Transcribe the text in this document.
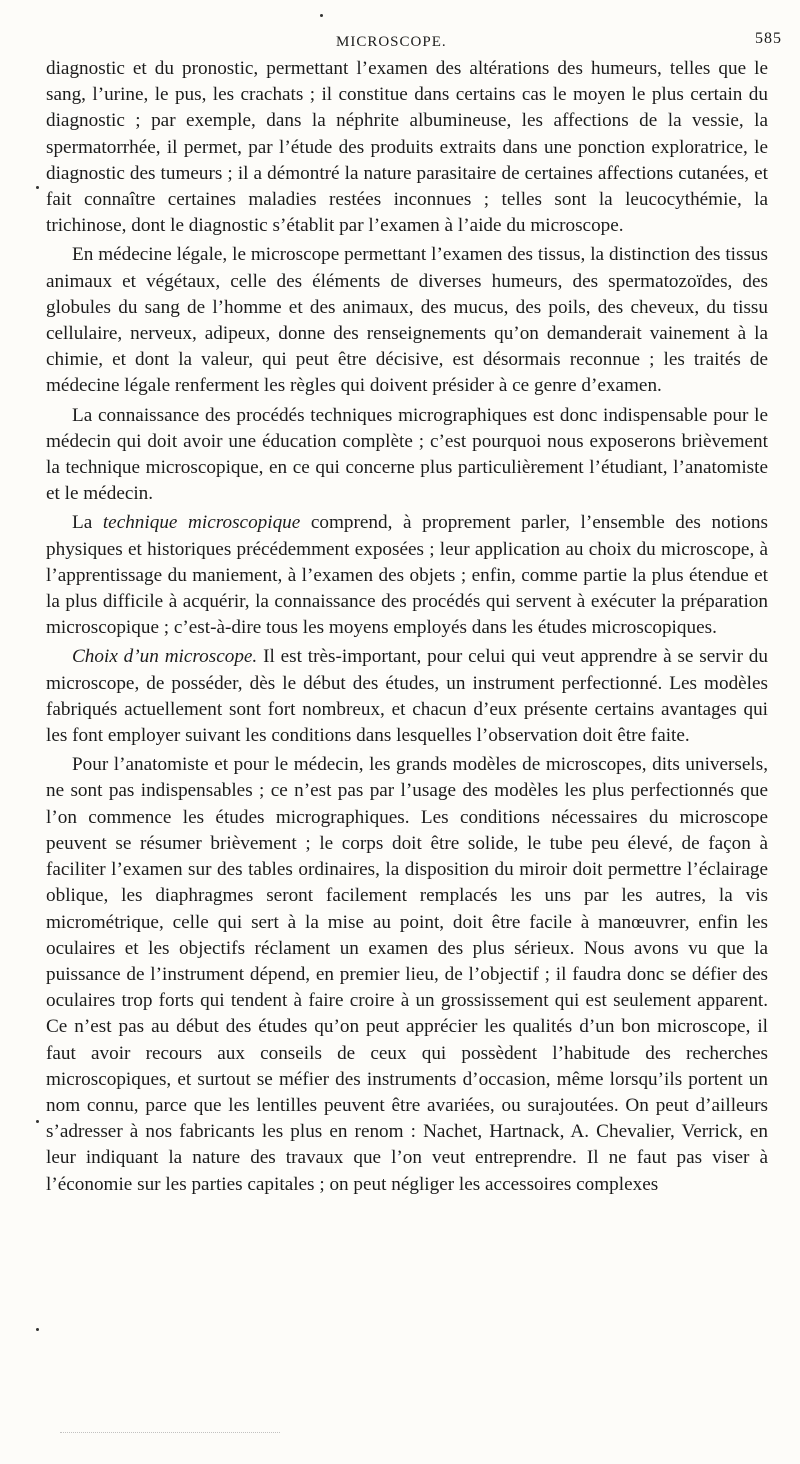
MICROSCOPE.	585

diagnostic et du pronostic, permettant l’examen des altérations des humeurs, telles que le sang, l’urine, le pus, les crachats ; il constitue dans certains cas le moyen le plus certain du diagnostic ; par exemple, dans la néphrite albumineuse, les affections de la vessie, la spermatorrhée, il permet, par l’étude des produits extraits dans une ponction exploratrice, le diagnostic des tumeurs ; il a démontré la nature parasitaire de certaines affections cutanées, et fait connaître certaines maladies restées inconnues ; telles sont la leucocythémie, la trichinose, dont le diagnostic s’établit par l’examen à l’aide du microscope.

En médecine légale, le microscope permettant l’examen des tissus, la distinction des tissus animaux et végétaux, celle des éléments de diverses humeurs, des spermatozoïdes, des globules du sang de l’homme et des animaux, des mucus, des poils, des cheveux, du tissu cellulaire, nerveux, adipeux, donne des renseignements qu’on demanderait vainement à la chimie, et dont la valeur, qui peut être décisive, est désormais reconnue ; les traités de médecine légale renferment les règles qui doivent présider à ce genre d’examen.

La connaissance des procédés techniques micrographiques est donc indispensable pour le médecin qui doit avoir une éducation complète ; c’est pourquoi nous exposerons brièvement la technique microscopique, en ce qui concerne plus particulièrement l’étudiant, l’anatomiste et le médecin.

La technique microscopique comprend, à proprement parler, l’ensemble des notions physiques et historiques précédemment exposées ; leur application au choix du microscope, à l’apprentissage du maniement, à l’examen des objets ; enfin, comme partie la plus étendue et la plus difficile à acquérir, la connaissance des procédés qui servent à exécuter la préparation microscopique ; c’est-à-dire tous les moyens employés dans les études microscopiques.

Choix d’un microscope. Il est très-important, pour celui qui veut apprendre à se servir du microscope, de posséder, dès le début des études, un instrument perfectionné. Les modèles fabriqués actuellement sont fort nombreux, et chacun d’eux présente certains avantages qui les font employer suivant les conditions dans lesquelles l’observation doit être faite.

Pour l’anatomiste et pour le médecin, les grands modèles de microscopes, dits universels, ne sont pas indispensables ; ce n’est pas par l’usage des modèles les plus perfectionnés que l’on commence les études micrographiques. Les conditions nécessaires du microscope peuvent se résumer brièvement ; le corps doit être solide, le tube peu élevé, de façon à faciliter l’examen sur des tables ordinaires, la disposition du miroir doit permettre l’éclairage oblique, les diaphragmes seront facilement remplacés les uns par les autres, la vis micrométrique, celle qui sert à la mise au point, doit être facile à manœuvrer, enfin les oculaires et les objectifs réclament un examen des plus sérieux. Nous avons vu que la puissance de l’instrument dépend, en premier lieu, de l’objectif ; il faudra donc se défier des oculaires trop forts qui tendent à faire croire à un grossissement qui est seulement apparent. Ce n’est pas au début des études qu’on peut apprécier les qualités d’un bon microscope, il faut avoir recours aux conseils de ceux qui possèdent l’habitude des recherches microscopiques, et surtout se méfier des instruments d’occasion, même lorsqu’ils portent un nom connu, parce que les lentilles peuvent être avariées, ou surajoutées. On peut d’ailleurs s’adresser à nos fabricants les plus en renom : Nachet, Hartnack, A. Chevalier, Verrick, en leur indiquant la nature des travaux que l’on veut entreprendre. Il ne faut pas viser à l’économie sur les parties capitales ; on peut négliger les accessoires complexes
